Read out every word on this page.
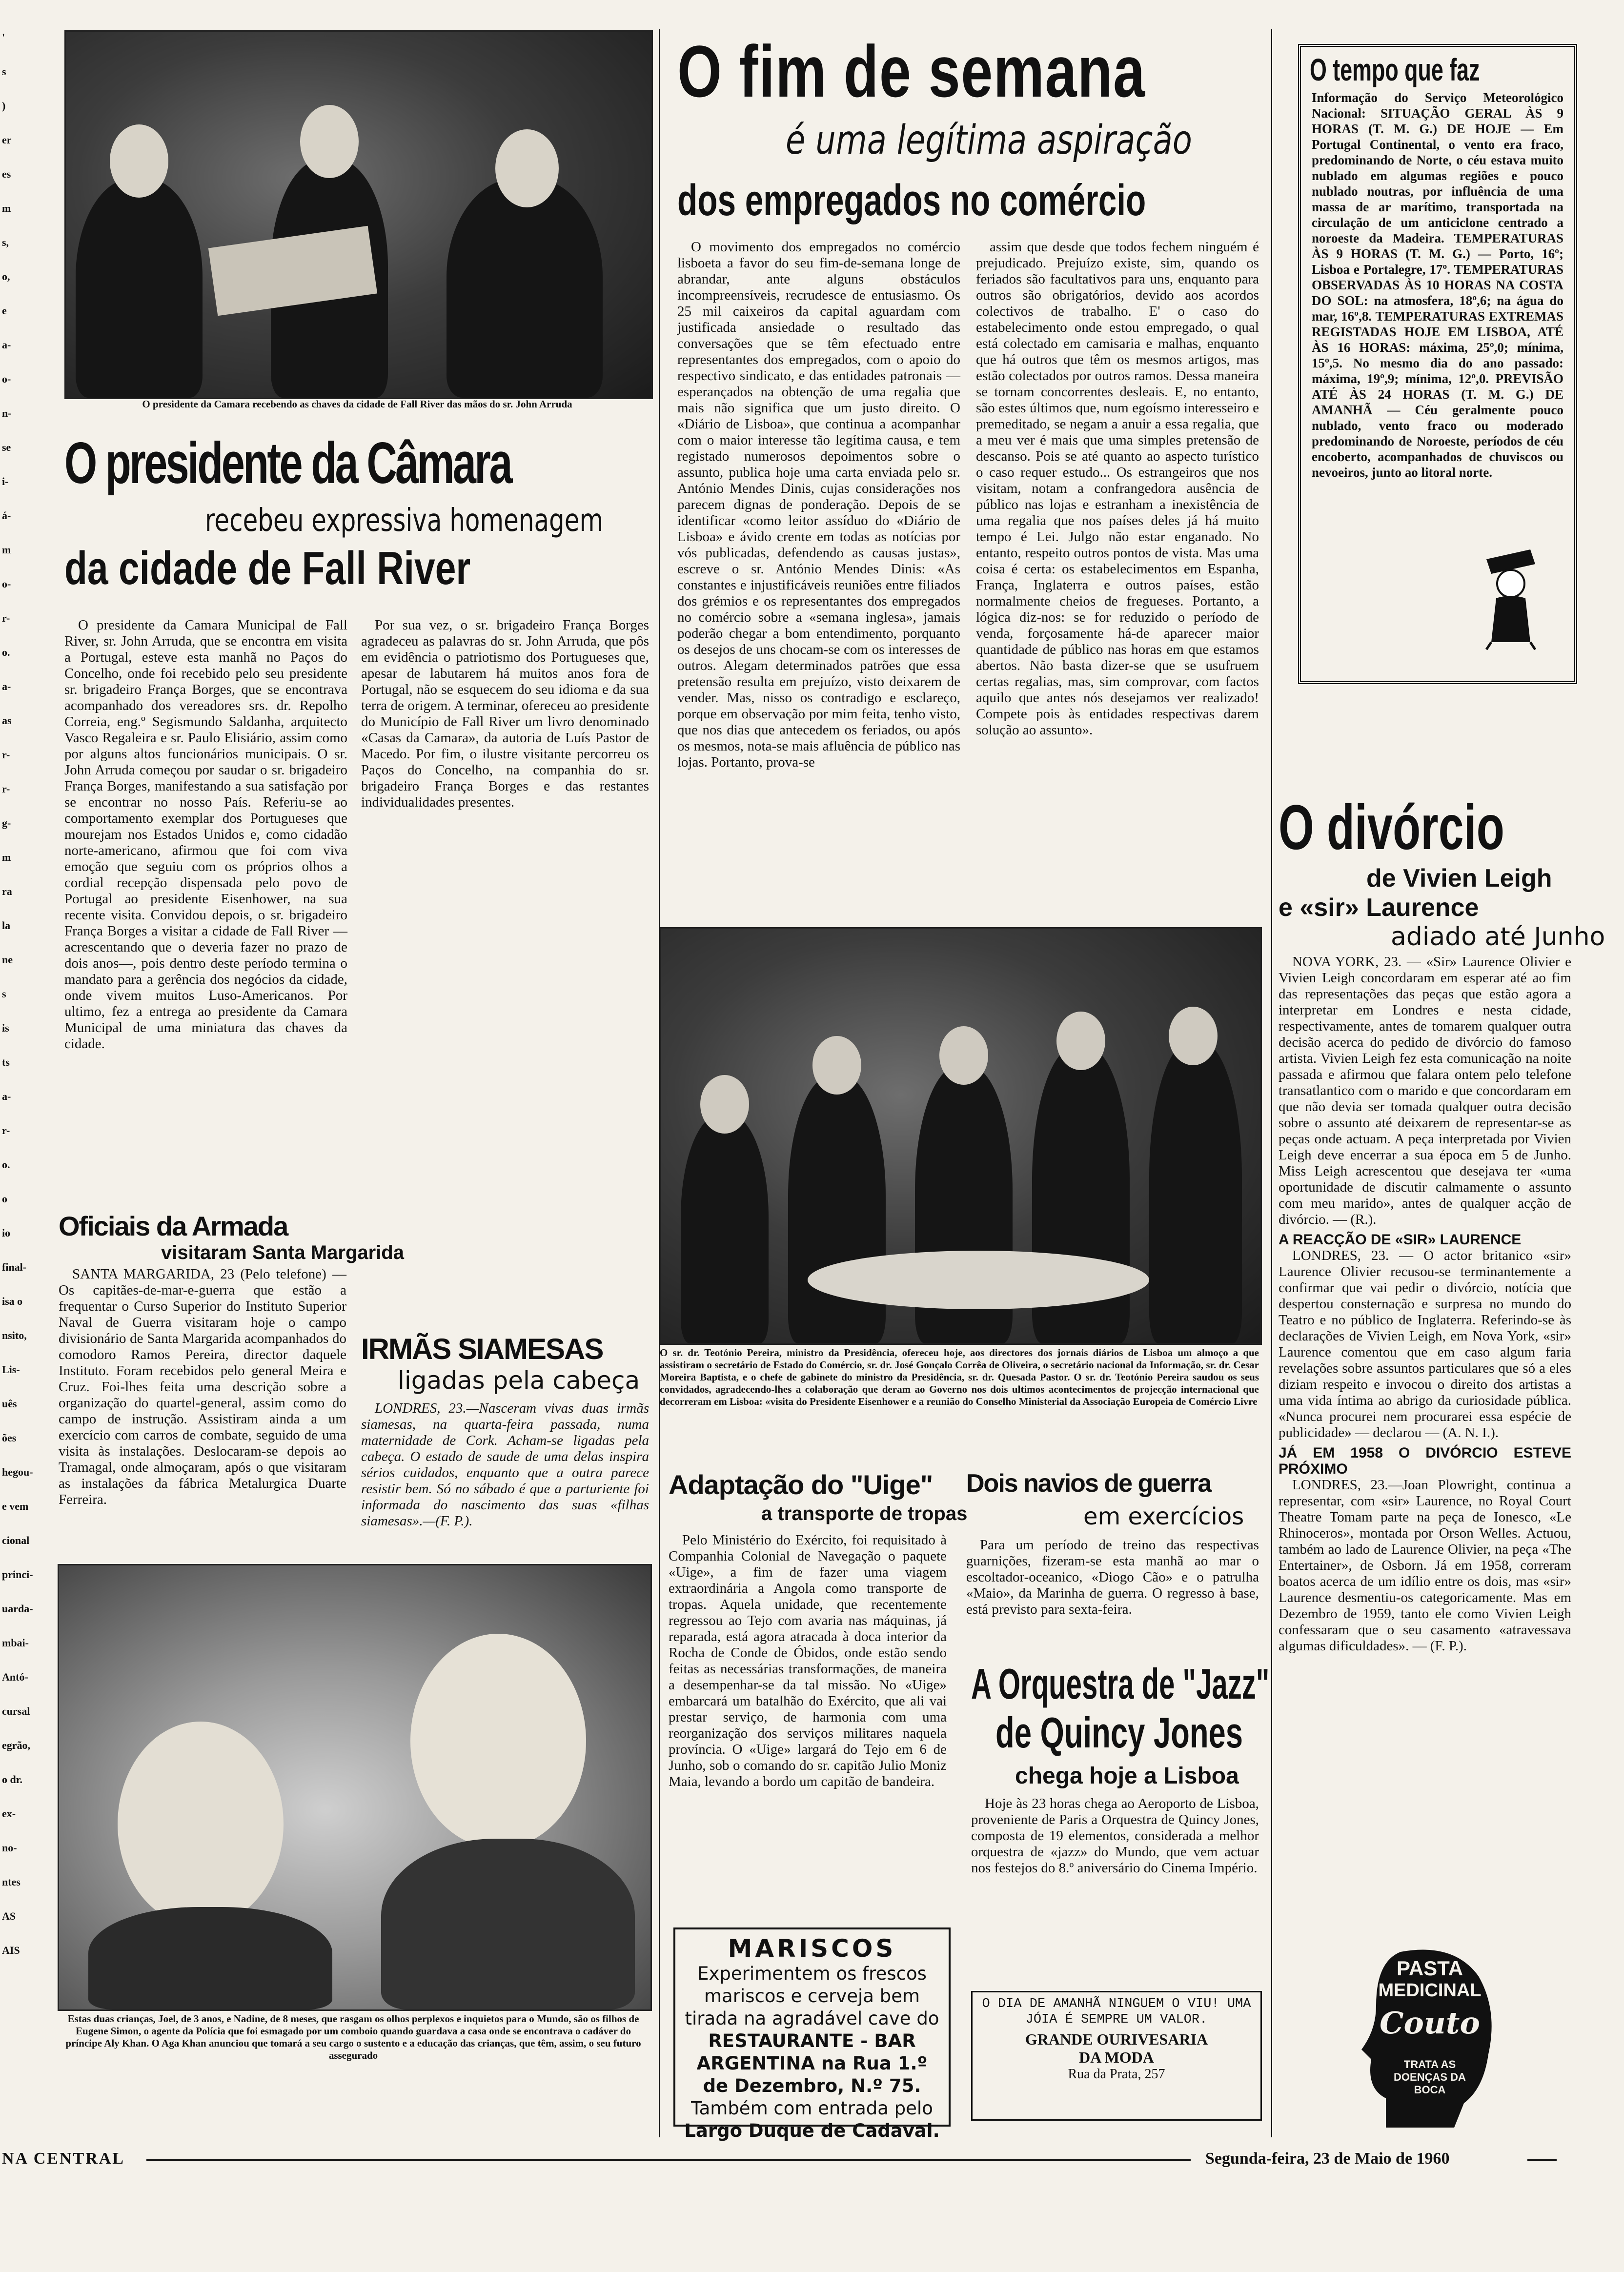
'
s
)
er
es
m
s,
o,
e
a-
o-
n-
se
i-
á-
m
o-
r-
o.
a-
as
r-
r-
g-
m
ra
la
ne
s
is
ts
a-
r-
o.
o
io
final-
isa o
nsito,
Lis-
uês
ões
hegou-
e vem
cional
princi-
uarda-
mbai-
Antó-
cursal
egrão,
o dr.
ex-
no-
ntes
AS
AIS
O presidente da Camara recebendo as chaves da cidade de Fall River das mãos do sr. John Arruda
O presidente da Câmara
recebeu expressiva homenagem
da cidade de Fall River

O presidente da Camara Municipal de Fall River, sr. John Arruda, que se encontra em visita a Portugal, esteve esta manhã no Paços do Concelho, onde foi recebido pelo seu presidente sr. brigadeiro França Borges, que se encontrava acompanhado dos vereadores srs. dr. Repolho Correia, eng.º Segismundo Saldanha, arquitecto Vasco Regaleira e sr. Paulo Elisiário, assim como por alguns altos funcionários municipais. O sr. John Arruda começou por saudar o sr. brigadeiro França Borges, manifestando a sua satisfação por se encontrar no nosso País. Referiu-se ao comportamento exemplar dos Portugueses que mourejam nos Estados Unidos e, como cidadão norte-americano, afirmou que foi com viva emoção que seguiu com os próprios olhos a cordial recepção dispensada pelo povo de Portugal ao presidente Eisenhower, na sua recente visita. Convidou depois, o sr. brigadeiro França Borges a visitar a cidade de Fall River — acrescentando que o deveria fazer no prazo de dois anos—, pois dentro deste período termina o mandato para a gerência dos negócios da cidade, onde vivem muitos Luso-Americanos. Por ultimo, fez a entrega ao presidente da Camara Municipal de uma miniatura das chaves da cidade.

Por sua vez, o sr. brigadeiro França Borges agradeceu as palavras do sr. John Arruda, que pôs em evidência o patriotismo dos Portugueses que, apesar de labutarem há muitos anos fora de Portugal, não se esquecem do seu idioma e da sua terra de origem. A terminar, ofereceu ao presidente do Município de Fall River um livro denominado «Casas da Camara», da autoria de Luís Pastor de Macedo. Por fim, o ilustre visitante percorreu os Paços do Concelho, na companhia do sr. brigadeiro França Borges e das restantes individualidades presentes.

Oficiais da Armada
visitaram Santa Margarida

SANTA MARGARIDA, 23 (Pelo telefone) — Os capitães-de-mar-e-guerra que estão a frequentar o Curso Superior do Instituto Superior Naval de Guerra visitaram hoje o campo divisionário de Santa Margarida acompanhados do comodoro Ramos Pereira, director daquele Instituto. Foram recebidos pelo general Meira e Cruz. Foi-lhes feita uma descrição sobre a organização do quartel-general, assim como do campo de instrução. Assistiram ainda a um exercício com carros de combate, seguido de uma visita às instalações. Deslocaram-se depois ao Tramagal, onde almoçaram, após o que visitaram as instalações da fábrica Metalurgica Duarte Ferreira.

IRMÃS SIAMESAS
ligadas pela cabeça

LONDRES, 23.—Nasceram vivas duas irmãs siamesas, na quarta-feira passada, numa maternidade de Cork. Acham-se ligadas pela cabeça. O estado de saude de uma delas inspira sérios cuidados, enquanto que a outra parece resistir bem. Só no sábado é que a parturiente foi informada do nascimento das suas «filhas siamesas».—(F. P.).

Estas duas crianças, Joel, de 3 anos, e Nadine, de 8 meses, que rasgam os olhos perplexos e inquietos para o Mundo, são os filhos de Eugene Simon, o agente da Polícia que foi esmagado por um comboio quando guardava a casa onde se encontrava o cadáver do príncipe Aly Khan. O Aga Khan anunciou que tomará a seu cargo o sustento e a educação das crianças, que têm, assim, o seu futuro assegurado
O fim de semana
é uma legítima aspiração
dos empregados no comércio

O movimento dos empregados no comércio lisboeta a favor do seu fim-de-semana longe de abrandar, ante alguns obstáculos incompreensíveis, recrudesce de entusiasmo. Os 25 mil caixeiros da capital aguardam com justificada ansiedade o resultado das conversações que se têm efectuado entre representantes dos empregados, com o apoio do respectivo sindicato, e das entidades patronais — esperançados na obtenção de uma regalia que mais não significa que um justo direito. O «Diário de Lisboa», que continua a acompanhar com o maior interesse tão legítima causa, e tem registado numerosos depoimentos sobre o assunto, publica hoje uma carta enviada pelo sr. António Mendes Dinis, cujas considerações nos parecem dignas de ponderação. Depois de se identificar «como leitor assíduo do «Diário de Lisboa» e ávido crente em todas as notícias por vós publicadas, defendendo as causas justas», escreve o sr. António Mendes Dinis: «As constantes e injustificáveis reuniões entre filiados dos grémios e os representantes dos empregados no comércio sobre a «semana inglesa», jamais poderão chegar a bom entendimento, porquanto os desejos de uns chocam-se com os interesses de outros. Alegam determinados patrões que essa pretensão resulta em prejuízo, visto deixarem de vender. Mas, nisso os contradigo e esclareço, porque em observação por mim feita, tenho visto, que nos dias que antecedem os feriados, ou após os mesmos, nota-se mais afluência de público nas lojas. Portanto, prova-se

assim que desde que todos fechem ninguém é prejudicado. Prejuízo existe, sim, quando os feriados são facultativos para uns, enquanto para outros são obrigatórios, devido aos acordos colectivos de trabalho. E' o caso do estabelecimento onde estou empregado, o qual está colectado em camisaria e malhas, enquanto que há outros que têm os mesmos artigos, mas estão colectados por outros ramos. Dessa maneira se tornam concorrentes desleais. E, no entanto, são estes últimos que, num egoísmo interesseiro e premeditado, se negam a anuir a essa regalia, que a meu ver é mais que uma simples pretensão de descanso. Pois se até quanto ao aspecto turístico o caso requer estudo... Os estrangeiros que nos visitam, notam a confrangedora ausência de público nas lojas e estranham a inexistência de uma regalia que nos países deles já há muito tempo é Lei. Julgo não estar enganado. No entanto, respeito outros pontos de vista. Mas uma coisa é certa: os estabelecimentos em Espanha, França, Inglaterra e outros países, estão normalmente cheios de fregueses. Portanto, a lógica diz-nos: se for reduzido o período de venda, forçosamente há-de aparecer maior quantidade de público nas horas em que estamos abertos. Não basta dizer-se que se usufruem certas regalias, mas, sim comprovar, com factos aquilo que antes nós desejamos ver realizado! Compete pois às entidades respectivas darem solução ao assunto».

O sr. dr. Teotónio Pereira, ministro da Presidência, ofereceu hoje, aos directores dos jornais diários de Lisboa um almoço a que assistiram o secretário de Estado do Comércio, sr. dr. José Gonçalo Corrêa de Oliveira, o secretário nacional da Informação, sr. dr. Cesar Moreira Baptista, e o chefe de gabinete do ministro da Presidência, sr. dr. Quesada Pastor. O sr. dr. Teotónio Pereira saudou os seus convidados, agradecendo-lhes a colaboração que deram ao Governo nos dois ultimos acontecimentos de projecção internacional que decorreram em Lisboa: «visita do Presidente Eisenhower e a reunião do Conselho Ministerial da Associação Europeia de Comércio Livre
Adaptação do "Uige"
a transporte de tropas

Pelo Ministério do Exército, foi requisitado à Companhia Colonial de Navegação o paquete «Uige», a fim de fazer uma viagem extraordinária a Angola como transporte de tropas. Aquela unidade, que recentemente regressou ao Tejo com avaria nas máquinas, já reparada, está agora atracada à doca interior da Rocha de Conde de Óbidos, onde estão sendo feitas as necessárias transformações, de maneira a desempenhar-se da tal missão. No «Uige» embarcará um batalhão do Exército, que ali vai prestar serviço, de harmonia com uma reorganização dos serviços militares naquela província. O «Uige» largará do Tejo em 6 de Junho, sob o comando do sr. capitão Julio Moniz Maia, levando a bordo um capitão de bandeira.

Dois navios de guerra
em exercícios

Para um período de treino das respectivas guarnições, fizeram-se esta manhã ao mar o escoltador-oceanico, «Diogo Cão» e o patrulha «Maio», da Marinha de guerra. O regresso à base, está previsto para sexta-feira.

A Orquestra de "Jazz"
de Quincy Jones
chega hoje a Lisboa

Hoje às 23 horas chega ao Aeroporto de Lisboa, proveniente de Paris a Orquestra de Quincy Jones, composta de 19 elementos, considerada a melhor orquestra de «jazz» do Mundo, que vem actuar nos festejos do 8.º aniversário do Cinema Império.

MARISCOS
Experimentem os frescos mariscos e cerveja bem tirada na agradável cave do RESTAURANTE - BAR ARGENTINA na Rua 1.º de Dezembro, N.º 75. Também com entrada pelo Largo Duque de Cadaval.
O DIA DE AMANHÃ NINGUEM O VIU! UMA JÓIA É SEMPRE UM VALOR.
GRANDE OURIVESARIA
DA MODA
Rua da Prata, 257
O tempo que faz

Informação do Serviço Meteorológico Nacional: SITUAÇÃO GERAL ÀS 9 HORAS (T. M. G.) DE HOJE — Em Portugal Continental, o vento era fraco, predominando de Norte, o céu estava muito nublado em algumas regiões e pouco nublado noutras, por influência de uma massa de ar marítimo, transportada na circulação de um anticiclone centrado a noroeste da Madeira. TEMPERATURAS ÀS 9 HORAS (T. M. G.) — Porto, 16º; Lisboa e Portalegre, 17º. TEMPERATURAS OBSERVADAS ÀS 10 HORAS NA COSTA DO SOL: na atmosfera, 18º,6; na água do mar, 16º,8. TEMPERATURAS EXTREMAS REGISTADAS HOJE EM LISBOA, ATÉ ÀS 16 HORAS: máxima, 25º,0; mínima, 15º,5. No mesmo dia do ano passado: máxima, 19º,9; mínima, 12º,0. PREVISÃO ATÉ ÀS 24 HORAS (T. M. G.) DE AMANHÃ — Céu geralmente pouco nublado, vento fraco ou moderado predominando de Noroeste, períodos de céu encoberto, acompanhados de chuviscos ou nevoeiros, junto ao litoral norte.

O divórcio
de Vivien Leigh
e «sir» Laurence
adiado até Junho

NOVA YORK, 23. — «Sir» Laurence Olivier e Vivien Leigh concordaram em esperar até ao fim das representações das peças que estão agora a interpretar em Londres e nesta cidade, respectivamente, antes de tomarem qualquer outra decisão acerca do pedido de divórcio do famoso artista. Vivien Leigh fez esta comunicação na noite passada e afirmou que falara ontem pelo telefone transatlantico com o marido e que concordaram em que não devia ser tomada qualquer outra decisão sobre o assunto até deixarem de representar-se as peças onde actuam. A peça interpretada por Vivien Leigh deve encerrar a sua época em 5 de Junho. Miss Leigh acrescentou que desejava ter «uma oportunidade de discutir calmamente o assunto com meu marido», antes de qualquer acção de divórcio. — (R.).

A REACÇÃO DE «SIR» LAURENCE

LONDRES, 23. — O actor britanico «sir» Laurence Olivier recusou-se terminantemente a confirmar que vai pedir o divórcio, notícia que despertou consternação e surpresa no mundo do Teatro e no público de Inglaterra. Referindo-se às declarações de Vivien Leigh, em Nova York, «sir» Laurence comentou que em caso algum faria revelações sobre assuntos particulares que só a eles diziam respeito e invocou o direito dos artistas a uma vida íntima ao abrigo da curiosidade pública. «Nunca procurei nem procurarei essa espécie de publicidade» — declarou — (A. N. I.).

JÁ EM 1958 O DIVÓRCIO ESTEVE PRÓXIMO

LONDRES, 23.—Joan Plowright, continua a representar, com «sir» Laurence, no Royal Court Theatre Tomam parte na peça de Ionesco, «Le Rhinoceros», montada por Orson Welles. Actuou, também ao lado de Laurence Olivier, na peça «The Entertainer», de Osborn. Já em 1958, correram boatos acerca de um idílio entre os dois, mas «sir» Laurence desmentiu-os categoricamente. Mas em Dezembro de 1959, tanto ele como Vivien Leigh confessaram que o seu casamento «atravessava algumas dificuldades». — (F. P.).

PASTA
MEDICINAL
Couto
TRATA AS
DOENÇAS DA
BOCA
NA CENTRAL	Segunda-feira, 23 de Maio de 1960
